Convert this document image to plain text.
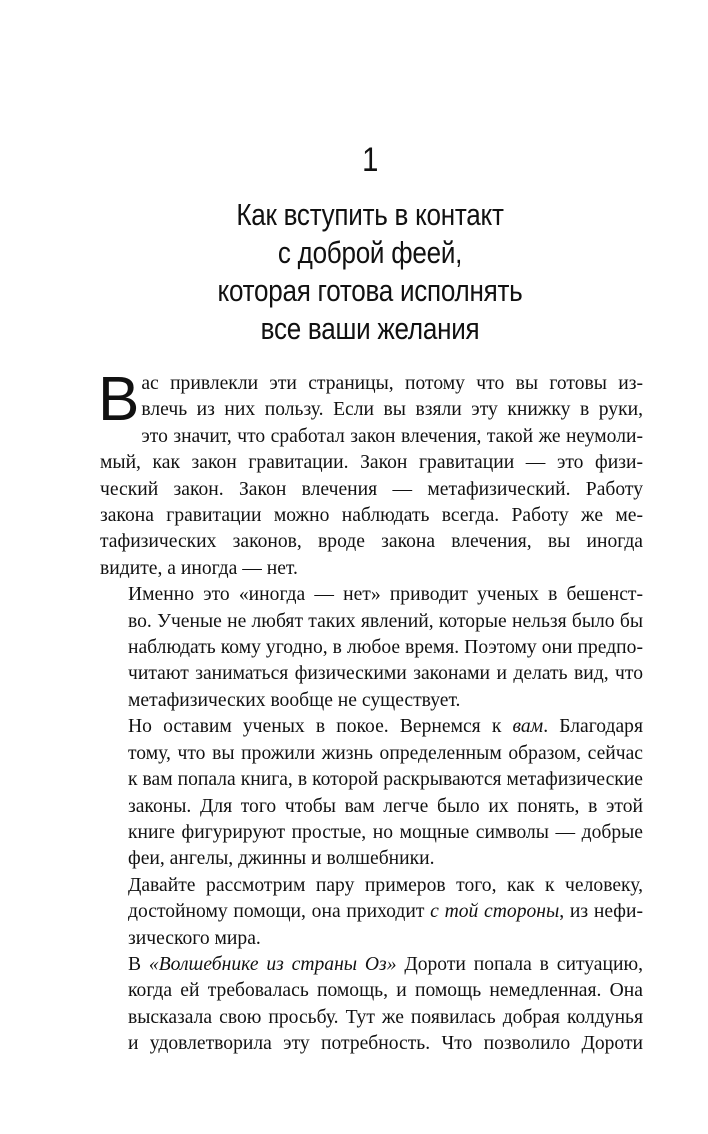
1
Как вступить в контакт
с доброй феей,
которая готова исполнять
все ваши желания

В ас привлекли эти страницы, потому что вы готовы из-
влечь из них пользу. Если вы взяли эту книжку в руки,
это значит, что сработал закон влечения, такой же неумоли-
мый, как закон гравитации. Закон гравитации — это физи-
ческий закон. Закон влечения — метафизический. Работу
закона гравитации можно наблюдать всегда. Работу же ме-
тафизических законов, вроде закона влечения, вы иногда
видите, а иногда — нет.

Именно это «иногда — нет» приводит ученых в бешенст-
во. Ученые не любят таких явлений, которые нельзя было бы
наблюдать кому угодно, в любое время. Поэтому они предпо-
читают заниматься физическими законами и делать вид, что
метафизических вообще не существует.

Но оставим ученых в покое. Вернемся к вам. Благодаря
тому, что вы прожили жизнь определенным образом, сейчас
к вам попала книга, в которой раскрываются метафизические
законы. Для того чтобы вам легче было их понять, в этой
книге фигурируют простые, но мощные символы — добрые
феи, ангелы, джинны и волшебники.

Давайте рассмотрим пару примеров того, как к человеку,
достойному помощи, она приходит с той стороны, из нефи-
зического мира.

В «Волшебнике из страны Оз» Дороти попала в ситуацию,
когда ей требовалась помощь, и помощь немедленная. Она
высказала свою просьбу. Тут же появилась добрая колдунья
и удовлетворила эту потребность. Что позволило Дороти
